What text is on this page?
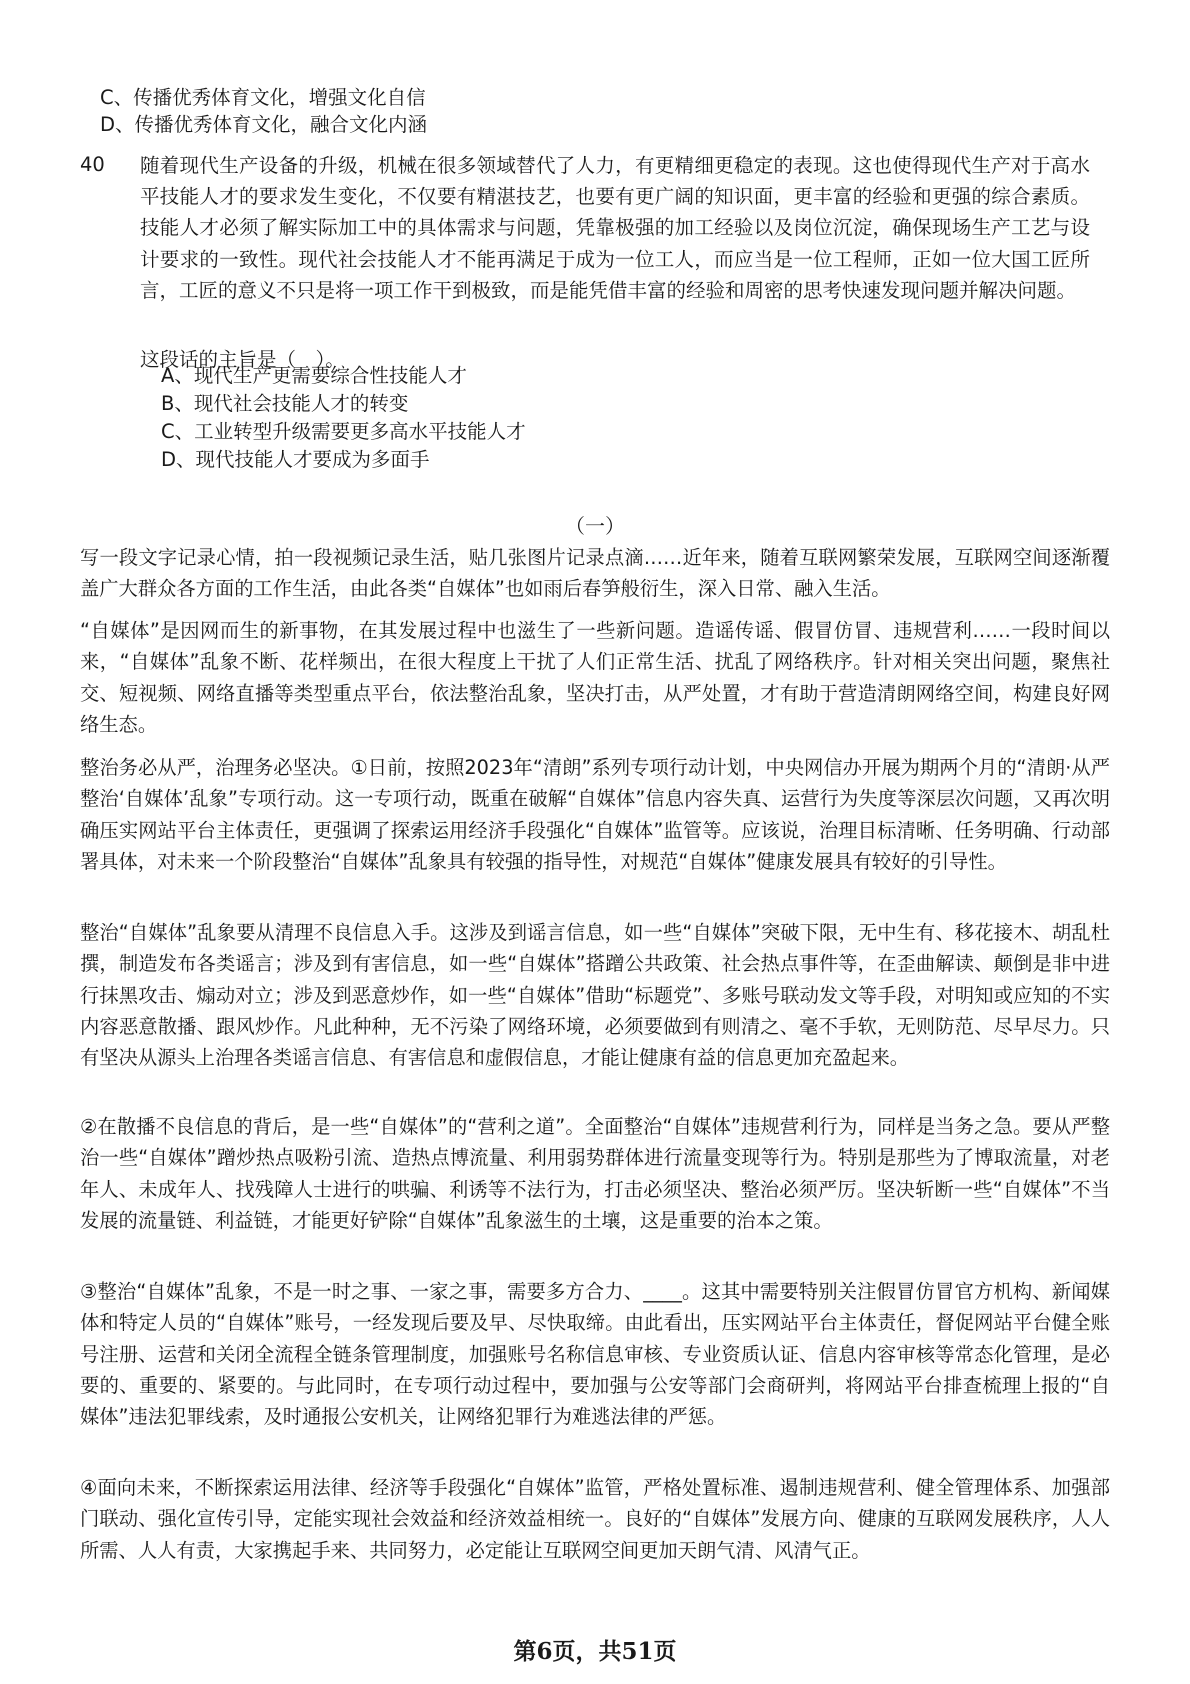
C、传播优秀体育文化，增强文化自信
D、传播优秀体育文化，融合文化内涵
40 随着现代生产设备的升级，机械在很多领域替代了人力，有更精细更稳定的表现。这也使得现代生产对于高水平技能人才的要求发生变化，不仅要有精湛技艺，也要有更广阔的知识面，更丰富的经验和更强的综合素质。技能人才必须了解实际加工中的具体需求与问题，凭靠极强的加工经验以及岗位沉淀，确保现场生产工艺与设计要求的一致性。现代社会技能人才不能再满足于成为一位工人，而应当是一位工程师，正如一位大国工匠所言，工匠的意义不只是将一项工作干到极致，而是能凭借丰富的经验和周密的思考快速发现问题并解决问题。
这段话的主旨是（　）。
A、现代生产更需要综合性技能人才
B、现代社会技能人才的转变
C、工业转型升级需要更多高水平技能人才
D、现代技能人才要成为多面手
（一）
写一段文字记录心情，拍一段视频记录生活，贴几张图片记录点滴……近年来，随着互联网繁荣发展，互联网空间逐渐覆盖广大群众各方面的工作生活，由此各类“自媒体”也如雨后春笋般衍生，深入日常、融入生活。
“自媒体”是因网而生的新事物，在其发展过程中也滋生了一些新问题。造谣传谣、假冒仿冒、违规营利……一段时间以来，“自媒体”乱象不断、花样频出，在很大程度上干扰了人们正常生活、扰乱了网络秩序。针对相关突出问题，聚焦社交、短视频、网络直播等类型重点平台，依法整治乱象，坚决打击，从严处置，才有助于营造清朗网络空间，构建良好网络生态。
整治务必从严，治理务必坚决。①日前，按照2023年“清朗”系列专项行动计划，中央网信办开展为期两个月的“清朗·从严整治‘自媒体’乱象”专项行动。这一专项行动，既重在破解“自媒体”信息内容失真、运营行为失度等深层次问题，又再次明确压实网站平台主体责任，更强调了探索运用经济手段强化“自媒体”监管等。应该说，治理目标清晰、任务明确、行动部署具体，对未来一个阶段整治“自媒体”乱象具有较强的指导性，对规范“自媒体”健康发展具有较好的引导性。
整治“自媒体”乱象要从清理不良信息入手。这涉及到谣言信息，如一些“自媒体”突破下限，无中生有、移花接木、胡乱杜撰，制造发布各类谣言；涉及到有害信息，如一些“自媒体”搭蹭公共政策、社会热点事件等，在歪曲解读、颠倒是非中进行抹黑攻击、煽动对立；涉及到恶意炒作，如一些“自媒体”借助“标题党”、多账号联动发文等手段，对明知或应知的不实内容恶意散播、跟风炒作。凡此种种，无不污染了网络环境，必须要做到有则清之、毫不手软，无则防范、尽早尽力。只有坚决从源头上治理各类谣言信息、有害信息和虚假信息，才能让健康有益的信息更加充盈起来。
②在散播不良信息的背后，是一些“自媒体”的“营利之道”。全面整治“自媒体”违规营利行为，同样是当务之急。要从严整治一些“自媒体”蹭炒热点吸粉引流、造热点博流量、利用弱势群体进行流量变现等行为。特别是那些为了博取流量，对老年人、未成年人、找残障人士进行的哄骗、利诱等不法行为，打击必须坚决、整治必须严厉。坚决斩断一些“自媒体”不当发展的流量链、利益链，才能更好铲除“自媒体”乱象滋生的土壤，这是重要的治本之策。
③整治“自媒体”乱象，不是一时之事、一家之事，需要多方合力、____。这其中需要特别关注假冒仿冒官方机构、新闻媒体和特定人员的“自媒体”账号，一经发现后要及早、尽快取缔。由此看出，压实网站平台主体责任，督促网站平台健全账号注册、运营和关闭全流程全链条管理制度，加强账号名称信息审核、专业资质认证、信息内容审核等常态化管理，是必要的、重要的、紧要的。与此同时，在专项行动过程中，要加强与公安等部门会商研判，将网站平台排查梳理上报的“自媒体”违法犯罪线索，及时通报公安机关，让网络犯罪行为难逃法律的严惩。
④面向未来，不断探索运用法律、经济等手段强化“自媒体”监管，严格处置标准、遏制违规营利、健全管理体系、加强部门联动、强化宣传引导，定能实现社会效益和经济效益相统一。良好的“自媒体”发展方向、健康的互联网发展秩序，人人所需、人人有责，大家携起手来、共同努力，必定能让互联网空间更加天朗气清、风清气正。
第6页，共51页
